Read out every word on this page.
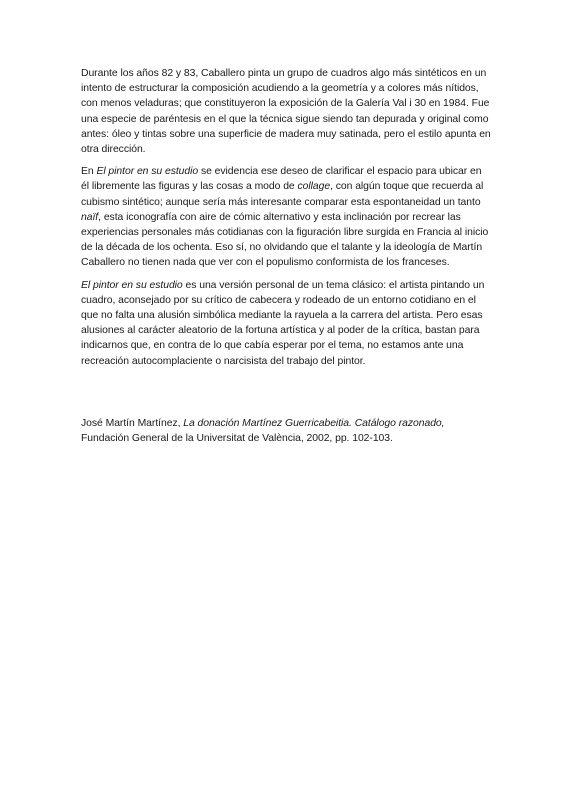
Durante los años 82 y 83, Caballero pinta un grupo de cuadros algo más sintéticos en un intento de estructurar la composición acudiendo a la geometría y a colores más nítidos, con menos veladuras; que constituyeron la exposición de la Galería Val i 30 en 1984. Fue una especie de paréntesis en el que la técnica sigue siendo tan depurada y original como antes: óleo y tintas sobre una superficie de madera muy satinada, pero el estilo apunta en otra dirección.

En El pintor en su estudio se evidencia ese deseo de clarificar el espacio para ubicar en él libremente las figuras y las cosas a modo de collage, con algún toque que recuerda al cubismo sintético; aunque sería más interesante comparar esta espontaneidad un tanto naïf, esta iconografía con aire de cómic alternativo y esta inclinación por recrear las experiencias personales más cotidianas con la figuración libre surgida en Francia al inicio de la década de los ochenta. Eso sí, no olvidando que el talante y la ideología de Martín Caballero no tienen nada que ver con el populismo conformista de los franceses.

El pintor en su estudio es una versión personal de un tema clásico: el artista pintando un cuadro, aconsejado por su crítico de cabecera y rodeado de un entorno cotidiano en el que no falta una alusión simbólica mediante la rayuela a la carrera del artista. Pero esas alusiones al carácter aleatorio de la fortuna artística y al poder de la crítica, bastan para indicarnos que, en contra de lo que cabía esperar por el tema, no estamos ante una recreación autocomplaciente o narcisista del trabajo del pintor.

José Martín Martínez, La donación Martínez Guerricabeitia. Catálogo razonado, Fundación General de la Universitat de València, 2002, pp. 102-103.
